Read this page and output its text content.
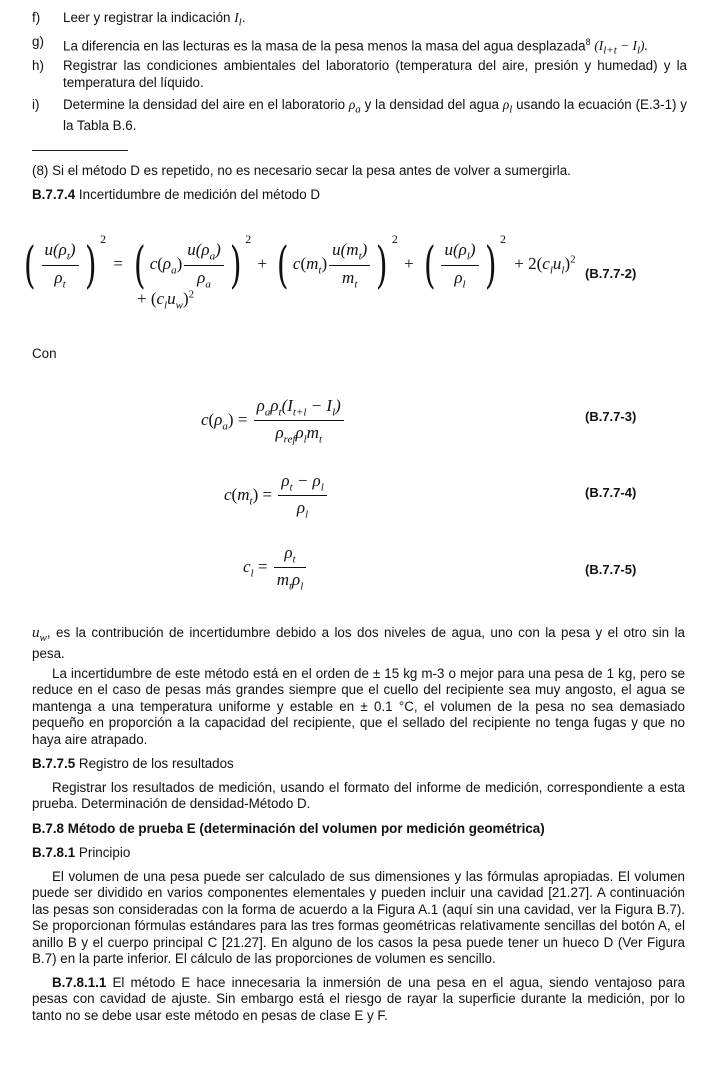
f)	Leer y registrar la indicación $I_l$.
g)	La diferencia en las lecturas es la masa de la pesa menos la masa del agua desplazada$^8$ $(I_{l+t} - I_l)$.
h)	Registrar las condiciones ambientales del laboratorio (temperatura del aire, presión y humedad) y la temperatura del líquido.
i)	Determine la densidad del aire en el laboratorio $\rho_a$ y la densidad del agua $\rho_l$ usando la ecuación (E.3-1) y la Tabla B.6.
(8) Si el método D es repetido, no es necesario secar la pesa antes de volver a sumergirla.
B.7.7.4 Incertidumbre de medición del método D
( $\frac{u(\rho_t)}{\rho_t}$ ) $^2$ = ( $c(\rho_a) \frac{u(\rho_a)}{\rho_a}$ ) $^2$ + ( $c(m_t) \frac{u(m_t)}{m_t}$ ) $^2$ + ( $\frac{u(\rho_l)}{\rho_l}$ ) $^2 + 2(c_lu_l)^2$
+ $(c_lu_w)^2$
(B.7.7-2)
Con
$c(\rho_a) = \frac{\rho_a\rho_t(I_{t+l} - I_l)}{\rho_{ref}\rho_lm_t}$	(B.7.7-3)
$c(m_t) = \frac{\rho_t - \rho_l}{\rho_l}$	(B.7.7-4)
$c_l = \frac{\rho_t}{m_t\rho_l}$	(B.7.7-5)
$u_w$, es la contribución de incertidumbre debido a los dos niveles de agua, uno con la pesa y el otro sin la pesa.
La incertidumbre de este método está en el orden de ± 15 kg m-3 o mejor para una pesa de 1 kg, pero se reduce en el caso de pesas más grandes siempre que el cuello del recipiente sea muy angosto, el agua se mantenga a una temperatura uniforme y estable en ± 0.1 °C, el volumen de la pesa no sea demasiado pequeño en proporción a la capacidad del recipiente, que el sellado del recipiente no tenga fugas y que no haya aire atrapado.
B.7.7.5 Registro de los resultados
Registrar los resultados de medición, usando el formato del informe de medición, correspondiente a esta prueba. Determinación de densidad-Método D.
B.7.8 Método de prueba E (determinación del volumen por medición geométrica)
B.7.8.1 Principio
El volumen de una pesa puede ser calculado de sus dimensiones y las fórmulas apropiadas. El volumen puede ser dividido en varios componentes elementales y pueden incluir una cavidad [21.27]. A continuación las pesas son consideradas con la forma de acuerdo a la Figura A.1 (aquí sin una cavidad, ver la Figura B.7). Se proporcionan fórmulas estándares para las tres formas geométricas relativamente sencillas del botón A, el anillo B y el cuerpo principal C [21.27]. En alguno de los casos la pesa puede tener un hueco D (Ver Figura B.7) en la parte inferior. El cálculo de las proporciones de volumen es sencillo.
B.7.8.1.1 El método E hace innecesaria la inmersión de una pesa en el agua, siendo ventajoso para pesas con cavidad de ajuste. Sin embargo está el riesgo de rayar la superficie durante la medición, por lo tanto no se debe usar este método en pesas de clase E y F.
